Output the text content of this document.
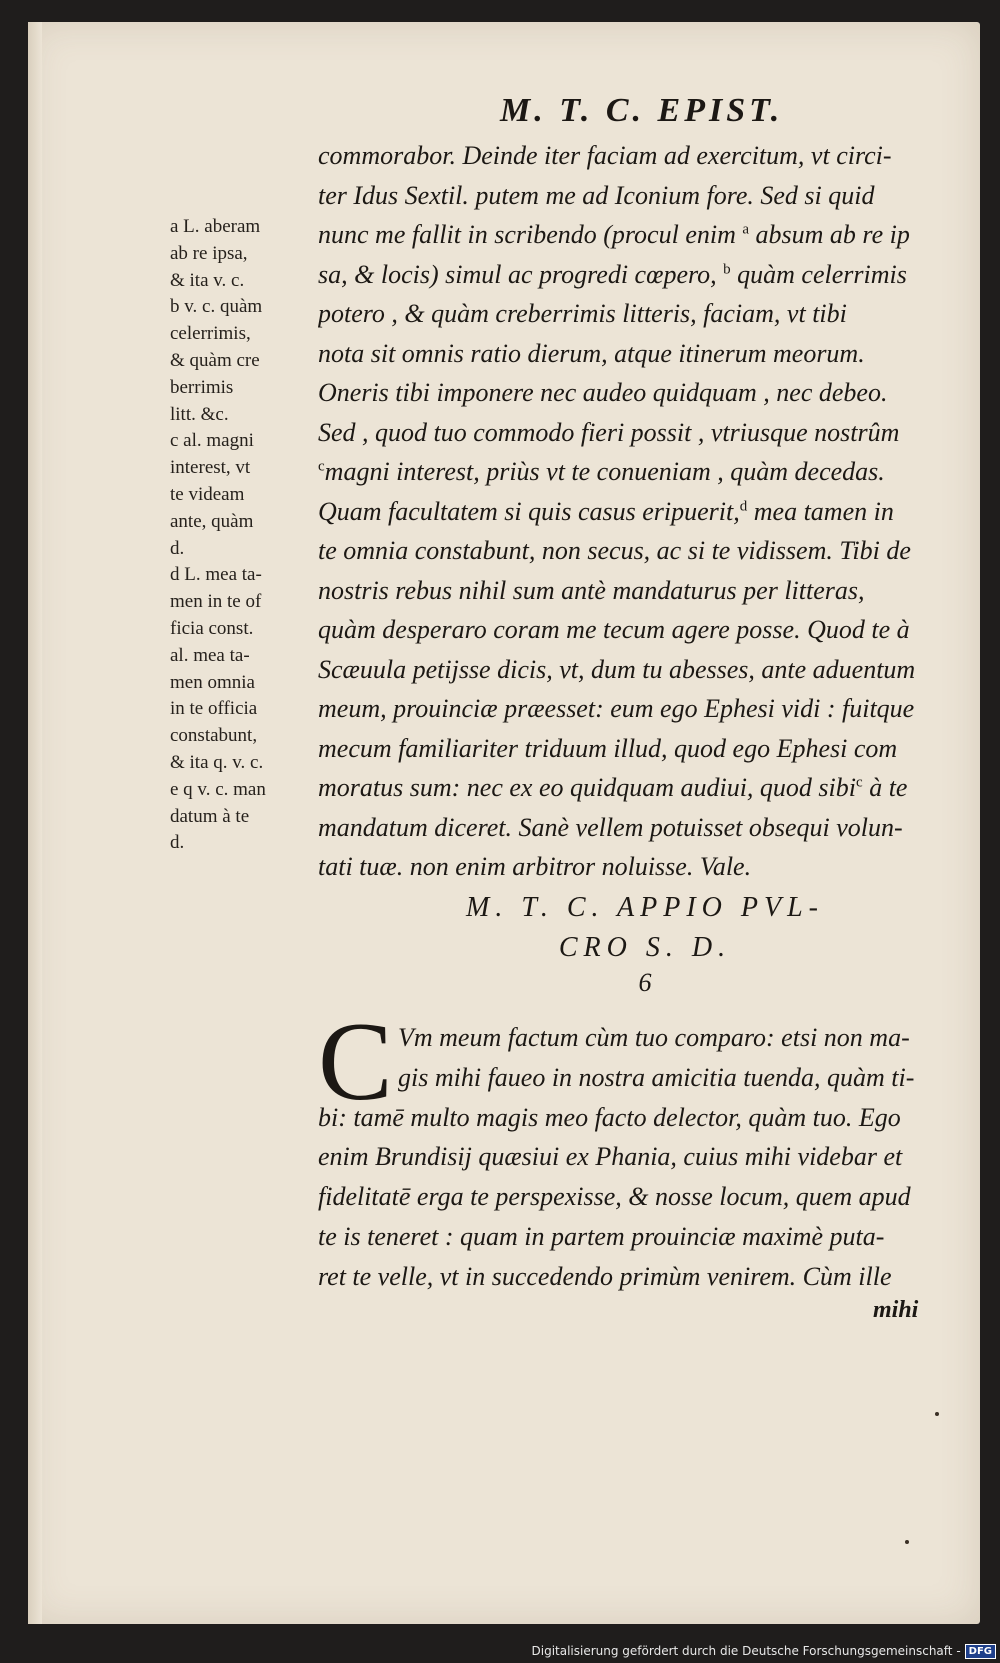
M. T. C. EPIST.
commorabor. Deinde iter faciam ad exercitum, vt circi-
ter Idus Sextil. putem me ad Iconium fore. Sed si quid
nunc me fallit in scribendo (procul enim $^a$ absum ab re ip
sa, & locis) simul ac progredi cœpero, $^b$ quàm celerrimis
potero , & quàm creberrimis litteris, faciam, vt tibi
nota sit omnis ratio dierum, atque itinerum meorum.
Oneris tibi imponere nec audeo quidquam , nec debeo.
Sed , quod tuo commodo fieri possit , vtriusque nostrûm
$^c$magni interest, priùs vt te conueniam , quàm decedas.
Quam facultatem si quis casus eripuerit,$^d$ mea tamen in
te omnia constabunt, non secus, ac si te vidissem. Tibi de
nostris rebus nihil sum antè mandaturus per litteras,
quàm desperaro coram me tecum agere posse. Quod te à
Scæuula petijsse dicis, vt, dum tu abesses, ante aduentum
meum, prouinciæ præesset: eum ego Ephesi vidi : fuitque
mecum familiariter triduum illud, quod ego Ephesi com
moratus sum: nec ex eo quidquam audiui, quod sibi$^c$ à te
mandatum diceret. Sanè vellem potuisset obsequi volun-
tati tuæ. non enim arbitror noluisse. Vale.
a L. aberam
ab re ipsa,
& ita v. c.
b v. c. quàm
celerrimis,
& quàm cre
berrimis
litt. &c.
c al. magni
interest, vt
te videam
ante, quàm
d.
d L. mea ta-
men in te of
ficia const.
al. mea ta-
men omnia
in te officia
constabunt,
& ita q. v. c.
e q v. c. man
datum à te
d.
M. T. C. APPIO PVL-
CRO S. D.
6
C Vm meum factum cùm tuo comparo: etsi non ma-
gis mihi faueo in nostra amicitia tuenda, quàm ti-
bi: tamē multo magis meo facto delector, quàm tuo. Ego
enim Brundisij quæsiui ex Phania, cuius mihi videbar et
fidelitatē erga te perspexisse, & nosse locum, quem apud
te is teneret : quam in partem prouinciæ maximè puta-
ret te velle, vt in succedendo primùm venirem. Cùm ille
mihi
Digitalisierung gefördert durch die Deutsche Forschungsgemeinschaft - DFG
